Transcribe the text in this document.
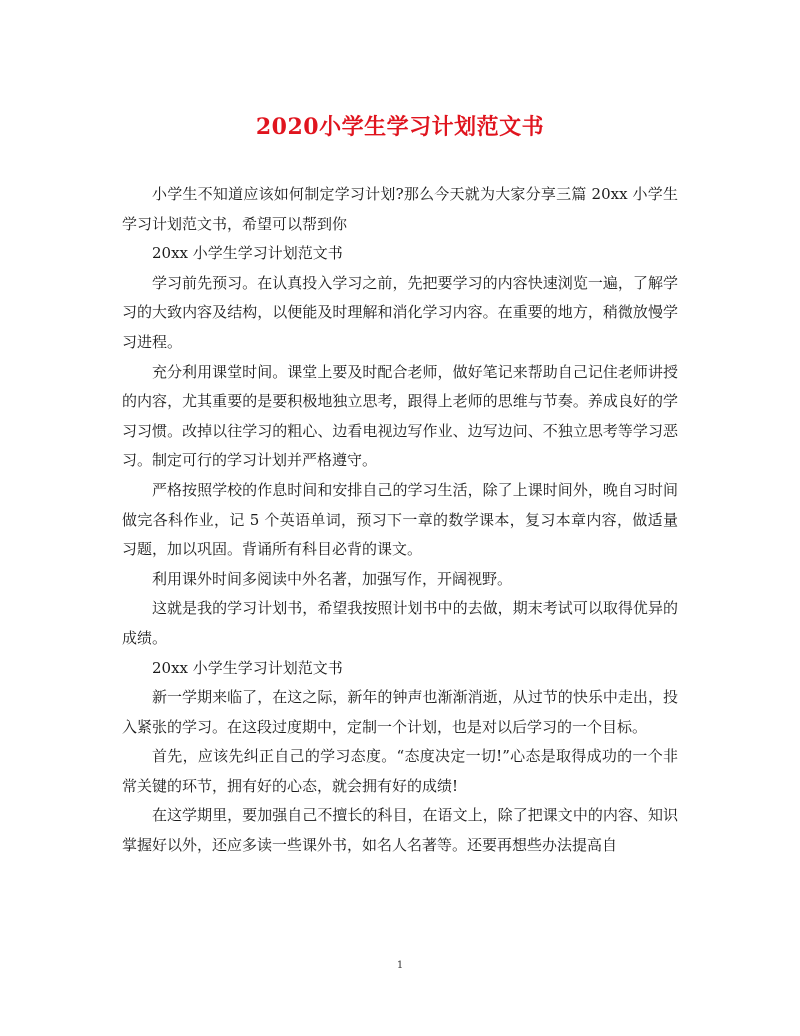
2020小学生学习计划范文书

小学生不知道应该如何制定学习计划?那么今天就为大家分享三篇 20xx 小学生学习计划范文书，希望可以帮到你

20xx 小学生学习计划范文书

学习前先预习。在认真投入学习之前，先把要学习的内容快速浏览一遍，了解学习的大致内容及结构，以便能及时理解和消化学习内容。在重要的地方，稍微放慢学习进程。

充分利用课堂时间。课堂上要及时配合老师，做好笔记来帮助自己记住老师讲授的内容，尤其重要的是要积极地独立思考，跟得上老师的思维与节奏。养成良好的学习习惯。改掉以往学习的粗心、边看电视边写作业、边写边问、不独立思考等学习恶习。制定可行的学习计划并严格遵守。

严格按照学校的作息时间和安排自己的学习生活，除了上课时间外，晚自习时间做完各科作业，记 5 个英语单词，预习下一章的数学课本，复习本章内容，做适量习题，加以巩固。背诵所有科目必背的课文。

利用课外时间多阅读中外名著，加强写作，开阔视野。

这就是我的学习计划书，希望我按照计划书中的去做，期末考试可以取得优异的成绩。

20xx 小学生学习计划范文书

新一学期来临了，在这之际，新年的钟声也渐渐消逝，从过节的快乐中走出，投入紧张的学习。在这段过度期中，定制一个计划，也是对以后学习的一个目标。

首先，应该先纠正自己的学习态度。“态度决定一切!”心态是取得成功的一个非常关键的环节，拥有好的心态，就会拥有好的成绩!

在这学期里，要加强自己不擅长的科目，在语文上，除了把课文中的内容、知识掌握好以外，还应多读一些课外书，如名人名著等。还要再想些办法提高自

1
